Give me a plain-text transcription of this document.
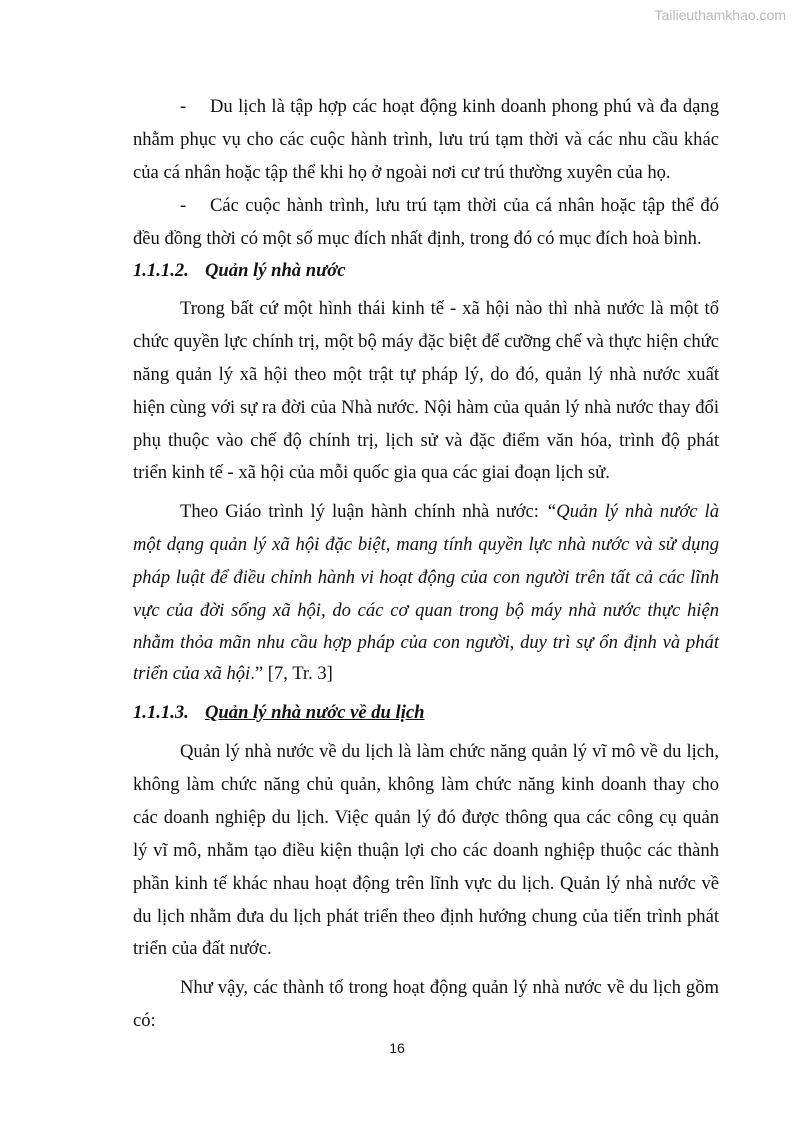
Tailieuthamkhao.com
- Du lịch là tập hợp các hoạt động kinh doanh phong phú và đa dạng
nhằm phục vụ cho các cuộc hành trình, lưu trú tạm thời và các nhu cầu khác
của cá nhân hoặc tập thể khi họ ở ngoài nơi cư trú thường xuyên của họ.
- Các cuộc hành trình, lưu trú tạm thời của cá nhân hoặc tập thể đó
đều đồng thời có một số mục đích nhất định, trong đó có mục đích hoà bình.
1.1.1.2. Quản lý nhà nước
Trong bất cứ một hình thái kinh tế - xã hội nào thì nhà nước là một tổ
chức quyền lực chính trị, một bộ máy đặc biệt để cưỡng chế và thực hiện chức
năng quản lý xã hội theo một trật tự pháp lý, do đó, quản lý nhà nước xuất
hiện cùng với sự ra đời của Nhà nước. Nội hàm của quản lý nhà nước thay đổi
phụ thuộc vào chế độ chính trị, lịch sử và đặc điểm văn hóa, trình độ phát
triển kinh tế - xã hội của mỗi quốc gia qua các giai đoạn lịch sử.
Theo Giáo trình lý luận hành chính nhà nước: “Quản lý nhà nước là
một dạng quản lý xã hội đặc biệt, mang tính quyền lực nhà nước và sử dụng
pháp luật để điều chỉnh hành vi hoạt động của con người trên tất cả các lĩnh
vực của đời sống xã hội, do các cơ quan trong bộ máy nhà nước thực hiện
nhằm thỏa mãn nhu cầu hợp pháp của con người, duy trì sự ổn định và phát
triển của xã hội.” [7, Tr. 3]
1.1.1.3. Quản lý nhà nước về du lịch
Quản lý nhà nước về du lịch là làm chức năng quản lý vĩ mô về du lịch,
không làm chức năng chủ quản, không làm chức năng kinh doanh thay cho
các doanh nghiệp du lịch. Việc quản lý đó được thông qua các công cụ quản
lý vĩ mô, nhằm tạo điều kiện thuận lợi cho các doanh nghiệp thuộc các thành
phần kinh tế khác nhau hoạt động trên lĩnh vực du lịch. Quản lý nhà nước về
du lịch nhằm đưa du lịch phát triển theo định hướng chung của tiến trình phát
triển của đất nước.
Như vậy, các thành tố trong hoạt động quản lý nhà nước về du lịch gồm
có:
16
